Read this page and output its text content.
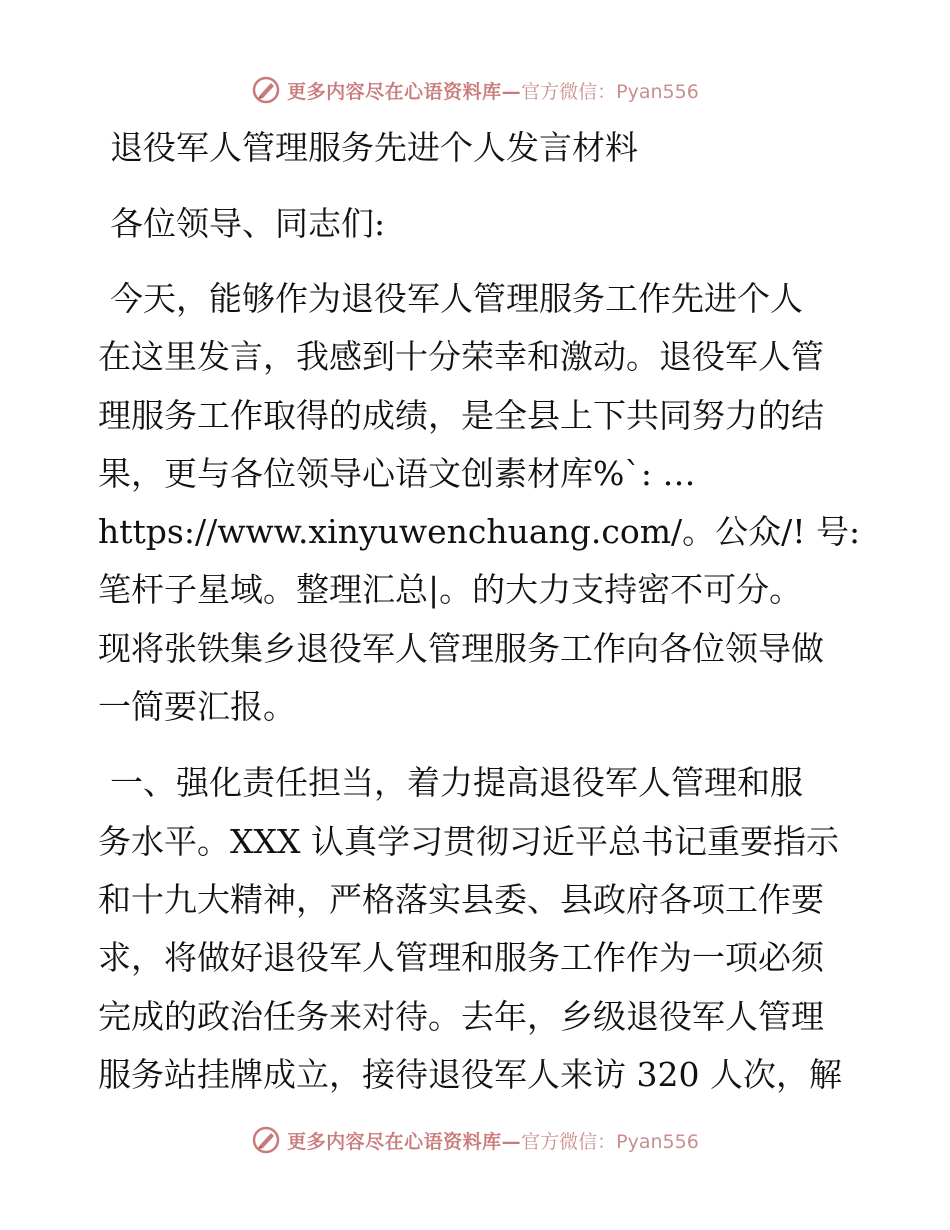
更多内容尽在心语资料库— 官方微信：Pyan556
退役军人管理服务先进个人发言材料
各位领导、同志们:
今天，能够作为退役军人管理服务工作先进个人
在这里发言，我感到十分荣幸和激动。退役军人管
理服务工作取得的成绩，是全县上下共同努力的结
果，更与各位领导心语文创素材库%`: …
https://www.xinyuwenchuang.com/。公众/! 号:
笔杆子星域。整理汇总|。的大力支持密不可分。
现将张铁集乡退役军人管理服务工作向各位领导做
一简要汇报。
一、强化责任担当，着力提高退役军人管理和服
务水平。XXX 认真学习贯彻习近平总书记重要指示
和十九大精神，严格落实县委、县政府各项工作要
求，将做好退役军人管理和服务工作作为一项必须
完成的政治任务来对待。去年，乡级退役军人管理
服务站挂牌成立，接待退役军人来访 320 人次，解
更多内容尽在心语资料库— 官方微信：Pyan556
